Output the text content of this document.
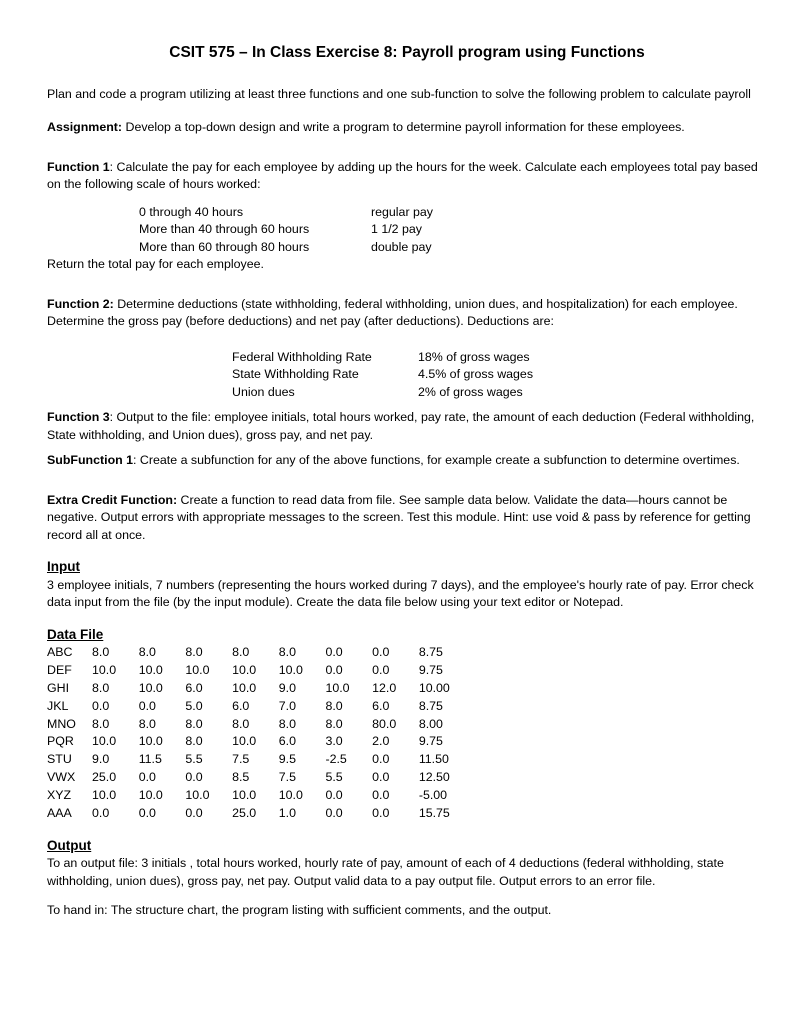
CSIT 575 – In Class Exercise 8: Payroll program using Functions

Plan and code a program utilizing at least three functions and one sub-function to solve the following problem to calculate payroll

Assignment: Develop a top-down design and write a program to determine payroll information for these employees.

Function 1: Calculate the pay for each employee by adding up the hours for the week. Calculate each employees total pay based on the following scale of hours worked:

0 through 40 hours	regular pay
More than 40 through 60 hours	1 1/2 pay
More than 60 through 80 hours	double pay

Return the total pay for each employee.

Function 2: Determine deductions (state withholding, federal withholding, union dues, and hospitalization) for each employee. Determine the gross pay (before deductions) and net pay (after deductions). Deductions are:

Federal Withholding Rate	18% of gross wages
State Withholding Rate	4.5% of gross wages
Union dues	2% of gross wages

Function 3: Output to the file: employee initials, total hours worked, pay rate, the amount of each deduction (Federal withholding, State withholding, and Union dues), gross pay, and net pay.

SubFunction 1: Create a subfunction for any of the above functions, for example create a subfunction to determine overtimes.

Extra Credit Function: Create a function to read data from file. See sample data below. Validate the data—hours cannot be negative. Output errors with appropriate messages to the screen. Test this module. Hint: use void & pass by reference for getting record all at once.

Input

3 employee initials, 7 numbers (representing the hours worked during 7 days), and the employee's hourly rate of pay. Error check data input from the file (by the input module). Create the data file below using your text editor or Notepad.

Data File

ABC	8.0	8.0	8.0	8.0	8.0	0.0	0.0	8.75
DEF	10.0	10.0	10.0	10.0	10.0	0.0	0.0	9.75
GHI	8.0	10.0	6.0	10.0	9.0	10.0	12.0	10.00
JKL	0.0	0.0	5.0	6.0	7.0	8.0	6.0	8.75
MNO	8.0	8.0	8.0	8.0	8.0	8.0	80.0	8.00
PQR	10.0	10.0	8.0	10.0	6.0	3.0	2.0	9.75
STU	9.0	11.5	5.5	7.5	9.5	-2.5	0.0	11.50
VWX	25.0	0.0	0.0	8.5	7.5	5.5	0.0	12.50
XYZ	10.0	10.0	10.0	10.0	10.0	0.0	0.0	-5.00
AAA	0.0	0.0	0.0	25.0	1.0	0.0	0.0	15.75

Output

To an output file: 3 initials , total hours worked, hourly rate of pay, amount of each of 4 deductions (federal withholding, state withholding, union dues), gross pay, net pay. Output valid data to a pay output file. Output errors to an error file.

To hand in: The structure chart, the program listing with sufficient comments, and the output.
